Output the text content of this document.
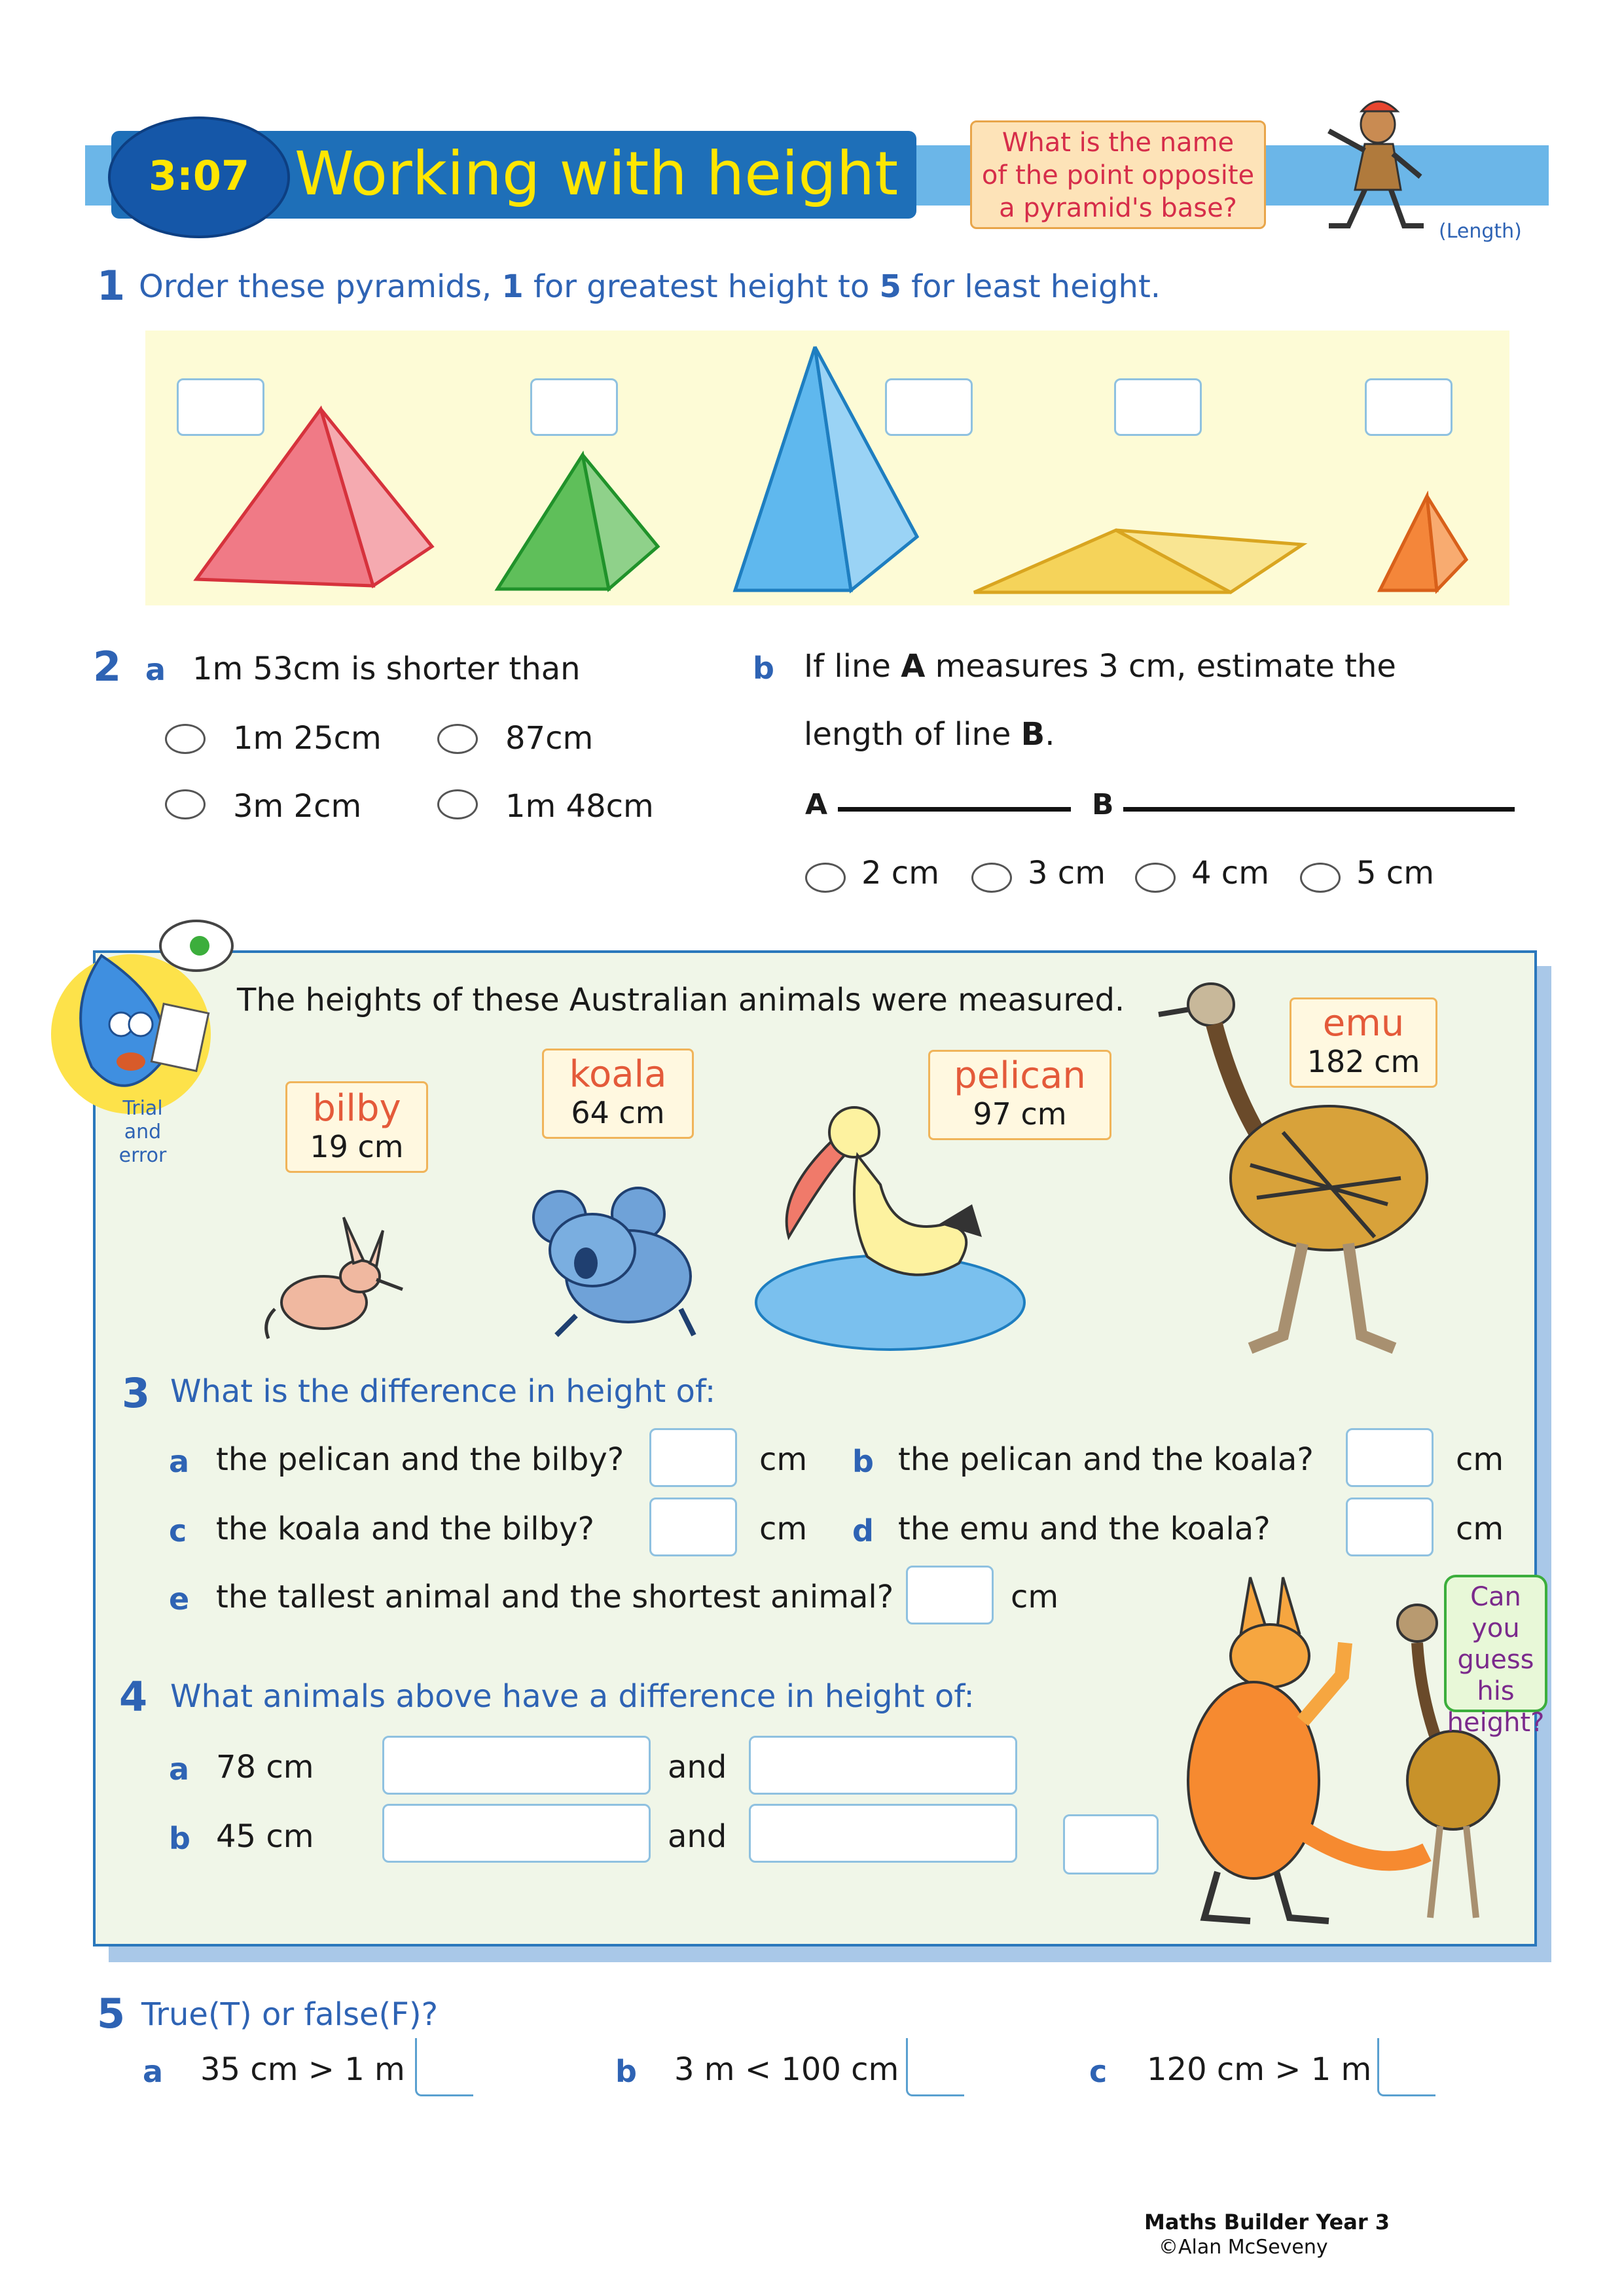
3:07 Working with height	What is the name
of the point opposite
a pyramid's base?
(Length)
1 Order these pyramids, 1 for greatest height to 5 for least height.
2 a 1m 53cm is shorter than
1m 25cm	87cm
3m 2cm	1m 48cm
b If line A measures 3 cm, estimate the
length of line B.
A	B
2 cm	3 cm	4 cm	5 cm
Trial
and
error
The heights of these Australian animals were measured.
bilby
19 cm
koala
64 cm
pelican
97 cm
emu
182 cm
3 What is the difference in height of:
a the pelican and the bilby?	cm b the pelican and the koala?	cm
c the koala and the bilby?	cm d the emu and the koala?	cm
e the tallest animal and the shortest animal?	cm
4 What animals above have a difference in height of:
a 78 cm	and
b 45 cm	and
Can you
guess
his
height?
5 True(T) or false(F)?
a 35 cm > 1 m	b 3 m < 100 cm	c 120 cm > 1 m
Maths Builder Year 3
©Alan McSeveny
